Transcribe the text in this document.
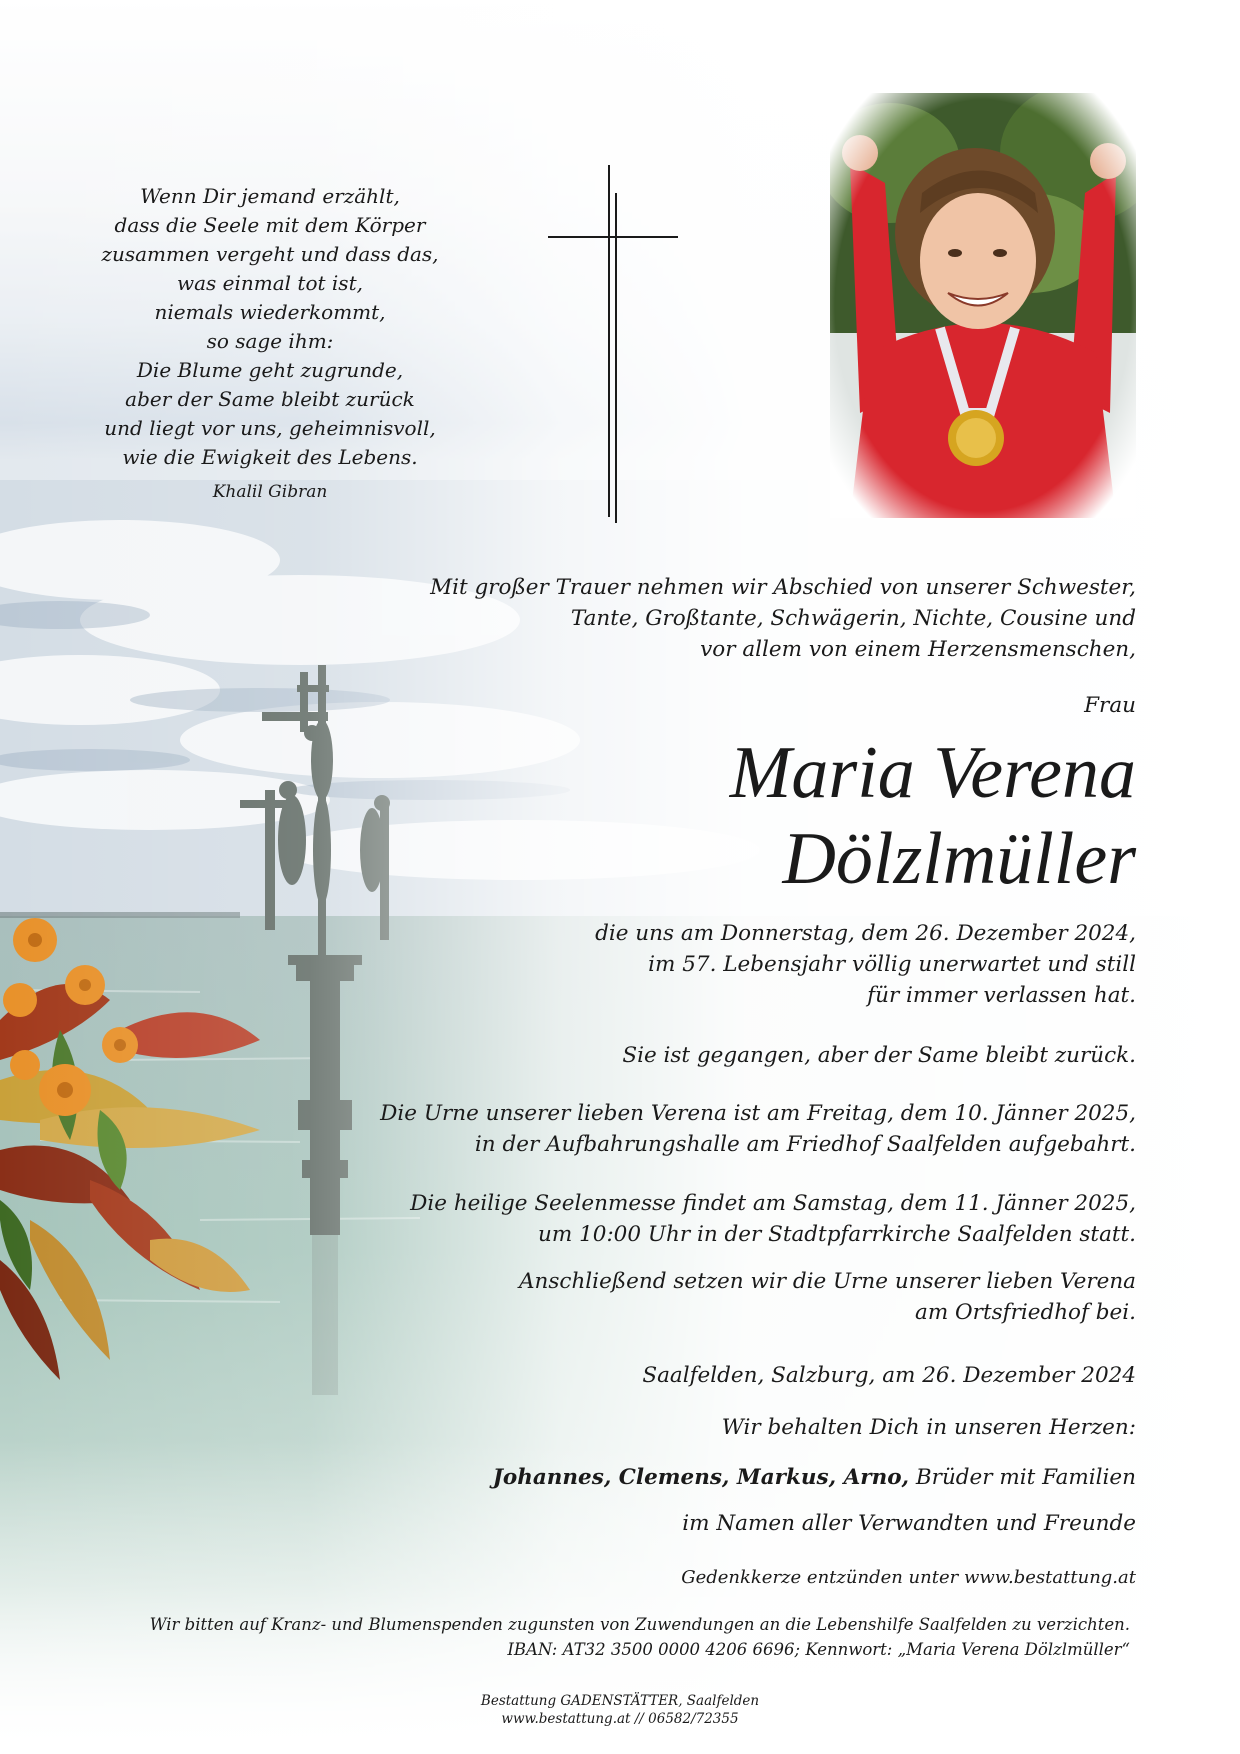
Wenn Dir jemand erzählt,
dass die Seele mit dem Körper
zusammen vergeht und dass das,
was einmal tot ist,
niemals wiederkommt,
so sage ihm:
Die Blume geht zugrunde,
aber der Same bleibt zurück
und liegt vor uns, geheimnisvoll,
wie die Ewigkeit des Lebens.
Khalil Gibran
Mit großer Trauer nehmen wir Abschied von unserer Schwester,
Tante, Großtante, Schwägerin, Nichte, Cousine und
vor allem von einem Herzensmenschen,
Frau
Maria Verena
Dölzlmüller
die uns am Donnerstag, dem 26. Dezember 2024,
im 57. Lebensjahr völlig unerwartet und still
für immer verlassen hat.
Sie ist gegangen, aber der Same bleibt zurück.
Die Urne unserer lieben Verena ist am Freitag, dem 10. Jänner 2025,
in der Aufbahrungshalle am Friedhof Saalfelden aufgebahrt.
Die heilige Seelenmesse findet am Samstag, dem 11. Jänner 2025,
um 10:00 Uhr in der Stadtpfarrkirche Saalfelden statt.
Anschließend setzen wir die Urne unserer lieben Verena
am Ortsfriedhof bei.
Saalfelden, Salzburg, am 26. Dezember 2024
Wir behalten Dich in unseren Herzen:
Johannes, Clemens, Markus, Arno, Brüder mit Familien
im Namen aller Verwandten und Freunde
Gedenkkerze entzünden unter www.bestattung.at
Wir bitten auf Kranz- und Blumenspenden zugunsten von Zuwendungen an die Lebenshilfe Saalfelden zu verzichten.
IBAN: AT32 3500 0000 4206 6696; Kennwort: „Maria Verena Dölzlmüller“
Bestattung GADENSTÄTTER, Saalfelden
www.bestattung.at // 06582/72355
